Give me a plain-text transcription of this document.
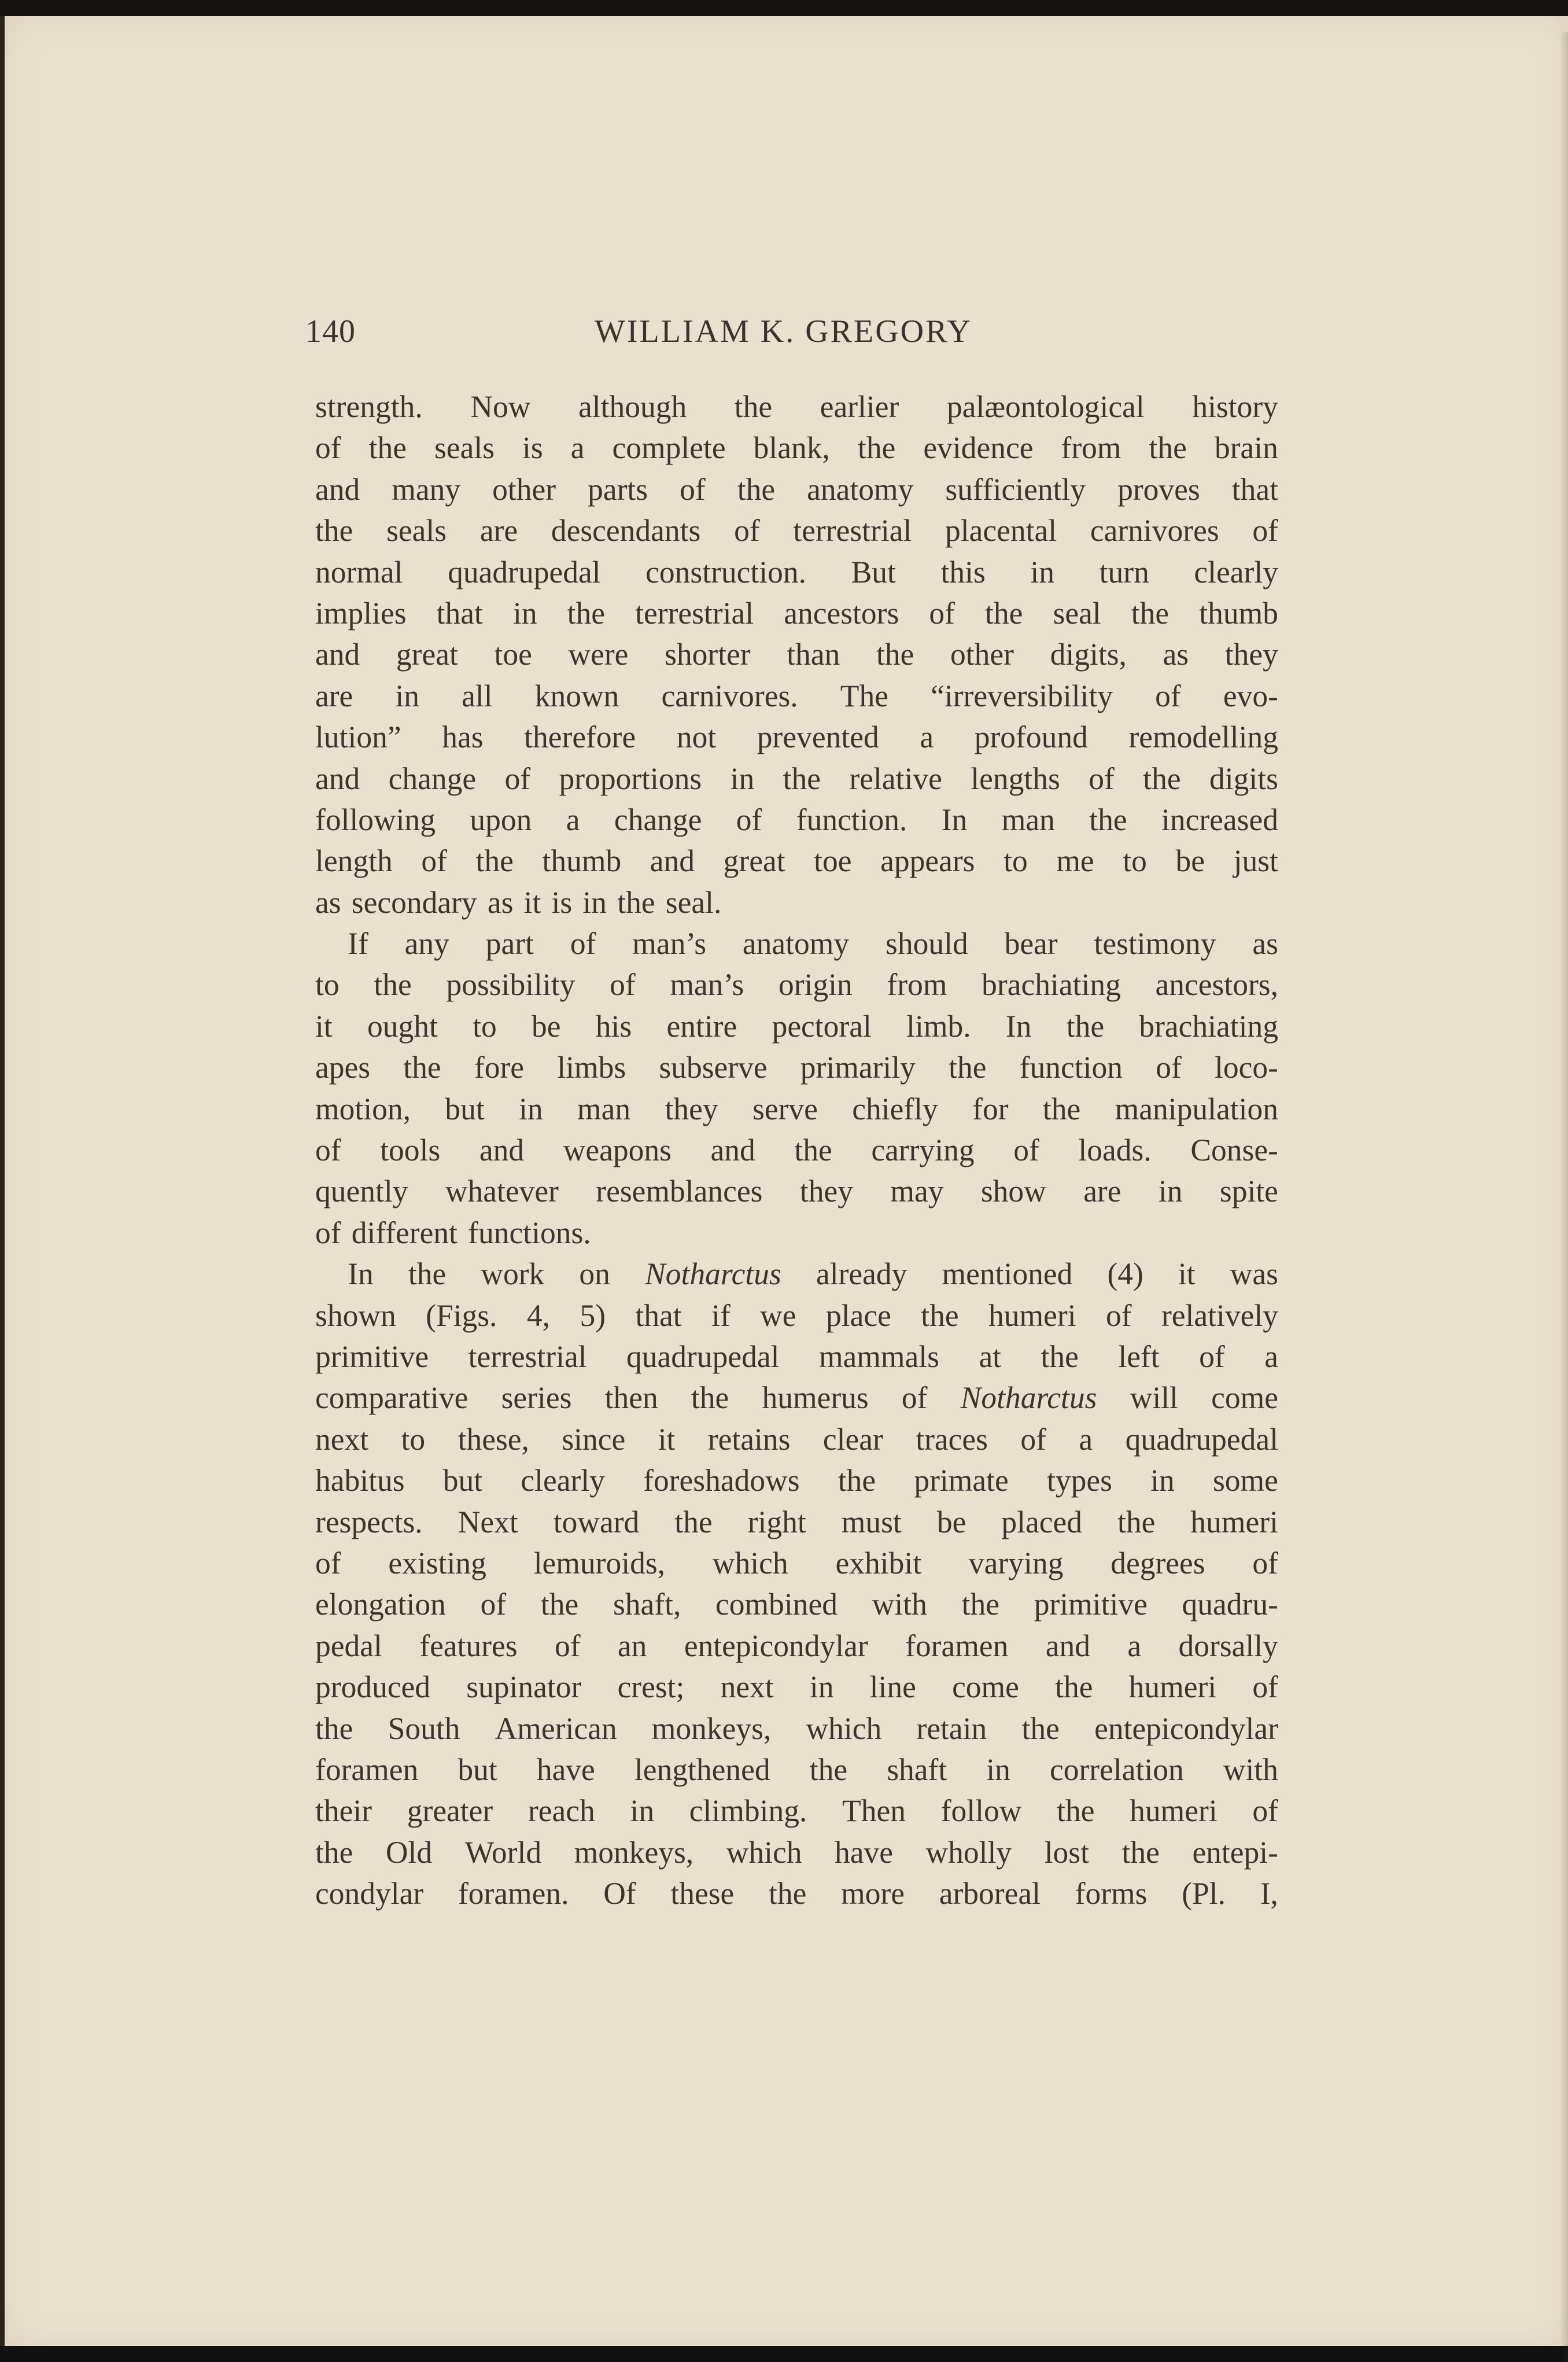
140	WILLIAM K. GREGORY
strength. Now although the earlier palæontological history
of the seals is a complete blank, the evidence from the brain
and many other parts of the anatomy sufficiently proves that
the seals are descendants of terrestrial placental carnivores of
normal quadrupedal construction. But this in turn clearly
implies that in the terrestrial ancestors of the seal the thumb
and great toe were shorter than the other digits, as they
are in all known carnivores. The “irreversibility of evo-
lution” has therefore not prevented a profound remodelling
and change of proportions in the relative lengths of the digits
following upon a change of function. In man the increased
length of the thumb and great toe appears to me to be just
as secondary as it is in the seal.
If any part of man’s anatomy should bear testimony as
to the possibility of man’s origin from brachiating ancestors,
it ought to be his entire pectoral limb. In the brachiating
apes the fore limbs subserve primarily the function of loco-
motion, but in man they serve chiefly for the manipulation
of tools and weapons and the carrying of loads. Conse-
quently whatever resemblances they may show are in spite
of different functions.
In the work on Notharctus already mentioned (4) it was
shown (Figs. 4, 5) that if we place the humeri of relatively
primitive terrestrial quadrupedal mammals at the left of a
comparative series then the humerus of Notharctus will come
next to these, since it retains clear traces of a quadrupedal
habitus but clearly foreshadows the primate types in some
respects. Next toward the right must be placed the humeri
of existing lemuroids, which exhibit varying degrees of
elongation of the shaft, combined with the primitive quadru-
pedal features of an entepicondylar foramen and a dorsally
produced supinator crest; next in line come the humeri of
the South American monkeys, which retain the entepicondylar
foramen but have lengthened the shaft in correlation with
their greater reach in climbing. Then follow the humeri of
the Old World monkeys, which have wholly lost the entepi-
condylar foramen. Of these the more arboreal forms (Pl. I,
